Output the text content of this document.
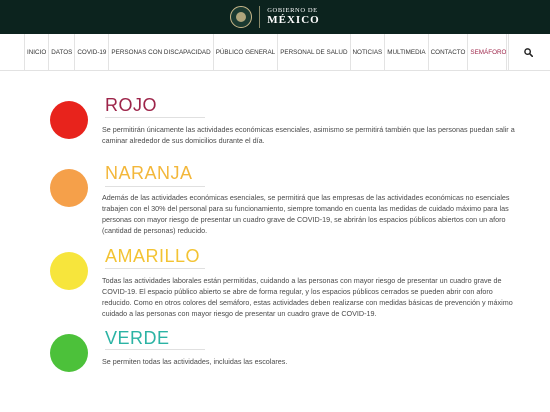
GOBIERNO DE
MÉXICO
INICIO DATOS COVID-19 PERSONAS CON DISCAPACIDAD PÚBLICO GENERAL PERSONAL DE SALUD NOTICIAS MULTIMEDIA CONTACTO SEMÁFORO
ROJO

Se permitirán únicamente las actividades económicas esenciales, asimismo se permitirá también que las personas puedan salir a caminar alrededor de sus domicilios durante el día.

NARANJA

Además de las actividades económicas esenciales, se permitirá que las empresas de las actividades económicas no esenciales trabajen con el 30% del personal para su funcionamiento, siempre tomando en cuenta las medidas de cuidado máximo para las personas con mayor riesgo de presentar un cuadro grave de COVID-19, se abrirán los espacios públicos abiertos con un aforo (cantidad de personas) reducido.

AMARILLO

Todas las actividades laborales están permitidas, cuidando a las personas con mayor riesgo de presentar un cuadro grave de COVID-19. El espacio público abierto se abre de forma regular, y los espacios públicos cerrados se pueden abrir con aforo reducido. Como en otros colores del semáforo, estas actividades deben realizarse con medidas básicas de prevención y máximo cuidado a las personas con mayor riesgo de presentar un cuadro grave de COVID-19.

VERDE

Se permiten todas las actividades, incluidas las escolares.
